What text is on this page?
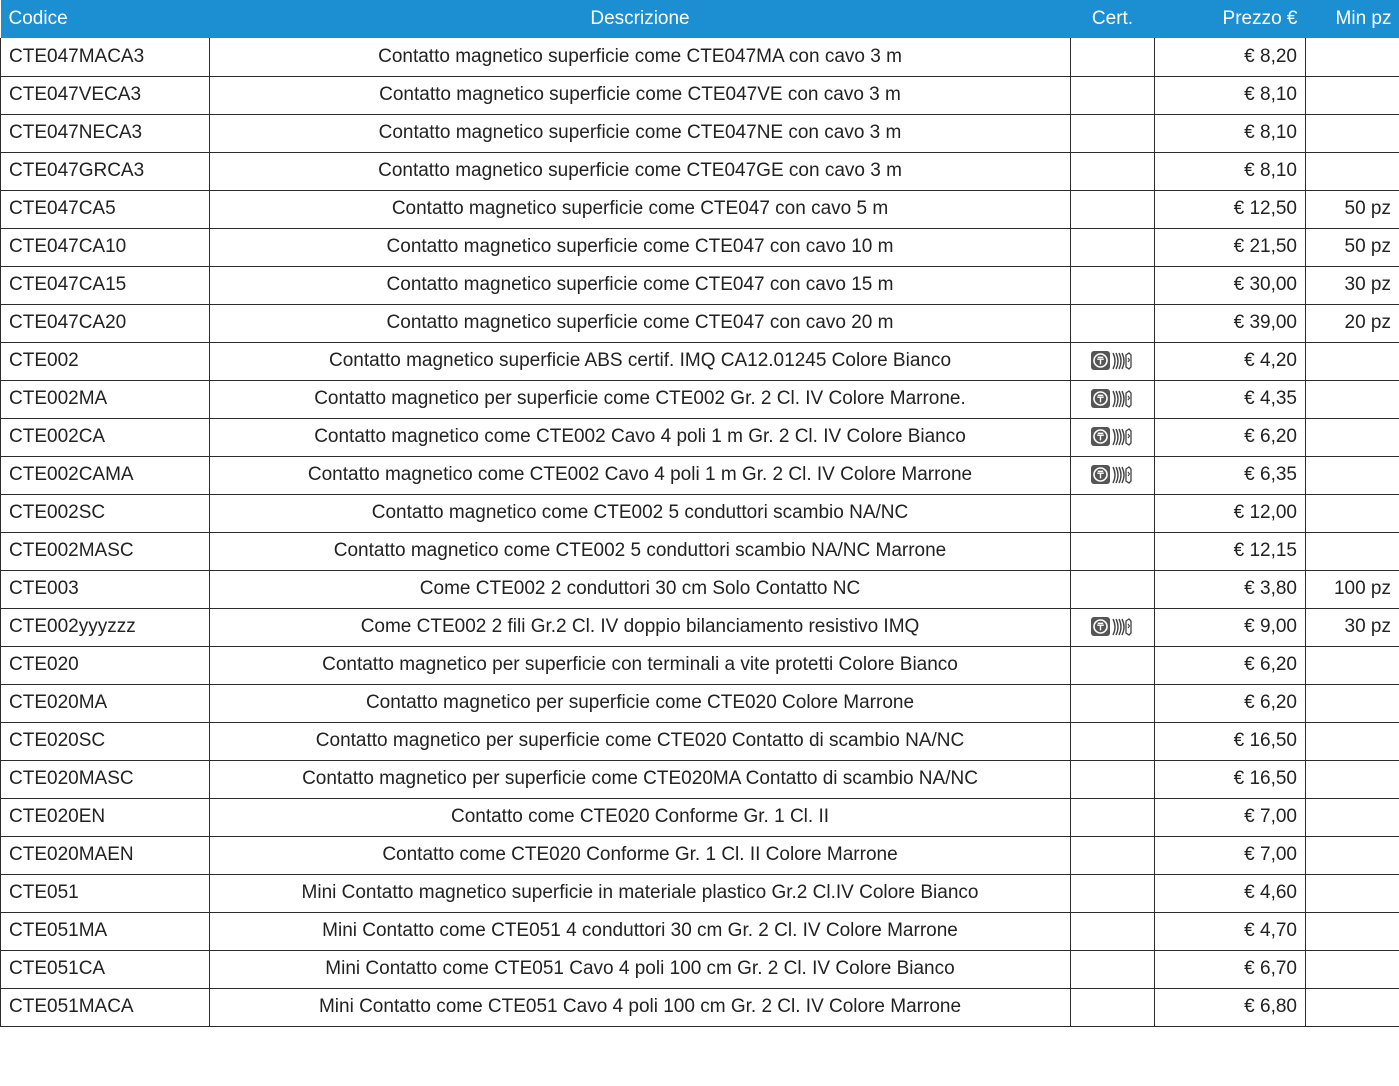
Codice	Descrizione	Cert.	Prezzo €	Min pz
CTE047MACA3	Contatto magnetico superficie come CTE047MA con cavo 3 m		€ 8,20	
CTE047VECA3	Contatto magnetico superficie come CTE047VE con cavo 3 m		€ 8,10	
CTE047NECA3	Contatto magnetico superficie come CTE047NE con cavo 3 m		€ 8,10	
CTE047GRCA3	Contatto magnetico superficie come CTE047GE con cavo 3 m		€ 8,10	
CTE047CA5	Contatto magnetico superficie come CTE047 con cavo 5 m		€ 12,50	50 pz
CTE047CA10	Contatto magnetico superficie come CTE047 con cavo 10 m		€ 21,50	50 pz
CTE047CA15	Contatto magnetico superficie come CTE047 con cavo 15 m		€ 30,00	30 pz
CTE047CA20	Contatto magnetico superficie come CTE047 con cavo 20 m		€ 39,00	20 pz
CTE002	Contatto magnetico superficie ABS certif. IMQ CA12.01245 Colore Bianco		€ 4,20	
CTE002MA	Contatto magnetico per superficie come CTE002 Gr. 2 Cl. IV Colore Marrone.		€ 4,35	
CTE002CA	Contatto magnetico come CTE002 Cavo 4 poli 1 m Gr. 2 Cl. IV Colore Bianco		€ 6,20	
CTE002CAMA	Contatto magnetico come CTE002 Cavo 4 poli 1 m Gr. 2 Cl. IV Colore Marrone		€ 6,35	
CTE002SC	Contatto magnetico come CTE002 5 conduttori scambio NA/NC		€ 12,00	
CTE002MASC	Contatto magnetico come CTE002 5 conduttori scambio NA/NC Marrone		€ 12,15	
CTE003	Come CTE002 2 conduttori 30 cm Solo Contatto NC		€ 3,80	100 pz
CTE002yyyzzz	Come CTE002 2 fili Gr.2 Cl. IV doppio bilanciamento resistivo IMQ		€ 9,00	30 pz
CTE020	Contatto magnetico per superficie con terminali a vite protetti Colore Bianco		€ 6,20	
CTE020MA	Contatto magnetico per superficie come CTE020 Colore Marrone		€ 6,20	
CTE020SC	Contatto magnetico per superficie come CTE020 Contatto di scambio NA/NC		€ 16,50	
CTE020MASC	Contatto magnetico per superficie come CTE020MA Contatto di scambio NA/NC		€ 16,50	
CTE020EN	Contatto come CTE020 Conforme Gr. 1 Cl. II		€ 7,00	
CTE020MAEN	Contatto come CTE020 Conforme Gr. 1 Cl. II Colore Marrone		€ 7,00	
CTE051	Mini Contatto magnetico superficie in materiale plastico Gr.2 Cl.IV Colore Bianco		€ 4,60	
CTE051MA	Mini Contatto come CTE051 4 conduttori 30 cm Gr. 2 Cl. IV Colore Marrone		€ 4,70	
CTE051CA	Mini Contatto come CTE051 Cavo 4 poli 100 cm Gr. 2 Cl. IV Colore Bianco		€ 6,70	
CTE051MACA	Mini Contatto come CTE051 Cavo 4 poli 100 cm Gr. 2 Cl. IV Colore Marrone		€ 6,80	
